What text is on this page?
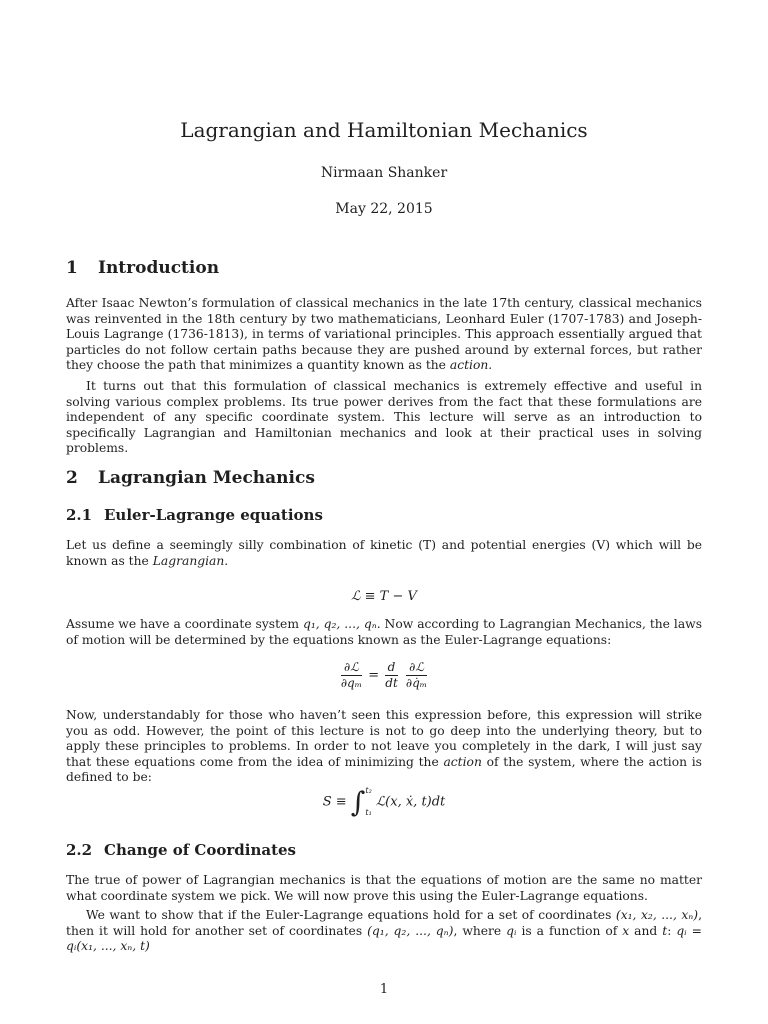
Lagrangian and Hamiltonian Mechanics
Nirmaan Shanker
May 22, 2015
1 Introduction

After Isaac Newton’s formulation of classical mechanics in the late 17th century, classical mechanics was reinvented in the 18th century by two mathematicians, Leonhard Euler (1707-1783) and Joseph-Louis Lagrange (1736-1813), in terms of variational principles. This approach essentially argued that particles do not follow certain paths because they are pushed around by external forces, but rather they choose the path that minimizes a quantity known as the action.

It turns out that this formulation of classical mechanics is extremely effective and useful in solving various complex problems. Its true power derives from the fact that these formulations are independent of any specific coordinate system. This lecture will serve as an introduction to specifically Lagrangian and Hamiltonian mechanics and look at their practical uses in solving problems.

2 Lagrangian Mechanics
2.1 Euler-Lagrange equations

Let us define a seemingly silly combination of kinetic (T) and potential energies (V) which will be known as the Lagrangian.

ℒ ≡ T − V

Assume we have a coordinate system q₁, q₂, ..., qₙ. Now according to Lagrangian Mechanics, the laws of motion will be determined by the equations known as the Euler-Lagrange equations:

$\frac{\text{∂ℒ}}{\text{∂qₘ}} = \frac{d}{dt}$
$\frac{\text{∂ℒ}}{\text{∂q̇ₘ}}$

Now, understandably for those who haven’t seen this expression before, this expression will strike you as odd. However, the point of this lecture is not to go deep into the underlying theory, but to apply these principles to problems. In order to not leave you completely in the dark, I will just say that these equations come from the idea of minimizing the action of the system, where the action is defined to be:

S ≡ ∫ t₂
t₁
ℒ(x, ẋ, t)dt
2.2 Change of Coordinates

The true of power of Lagrangian mechanics is that the equations of motion are the same no matter what coordinate system we pick. We will now prove this using the Euler-Lagrange equations.

We want to show that if the Euler-Lagrange equations hold for a set of coordinates (x₁, x₂, ..., xₙ), then it will hold for another set of coordinates (q₁, q₂, ..., qₙ), where qᵢ is a function of x and t: qᵢ = qᵢ(x₁, ..., xₙ, t)

1
